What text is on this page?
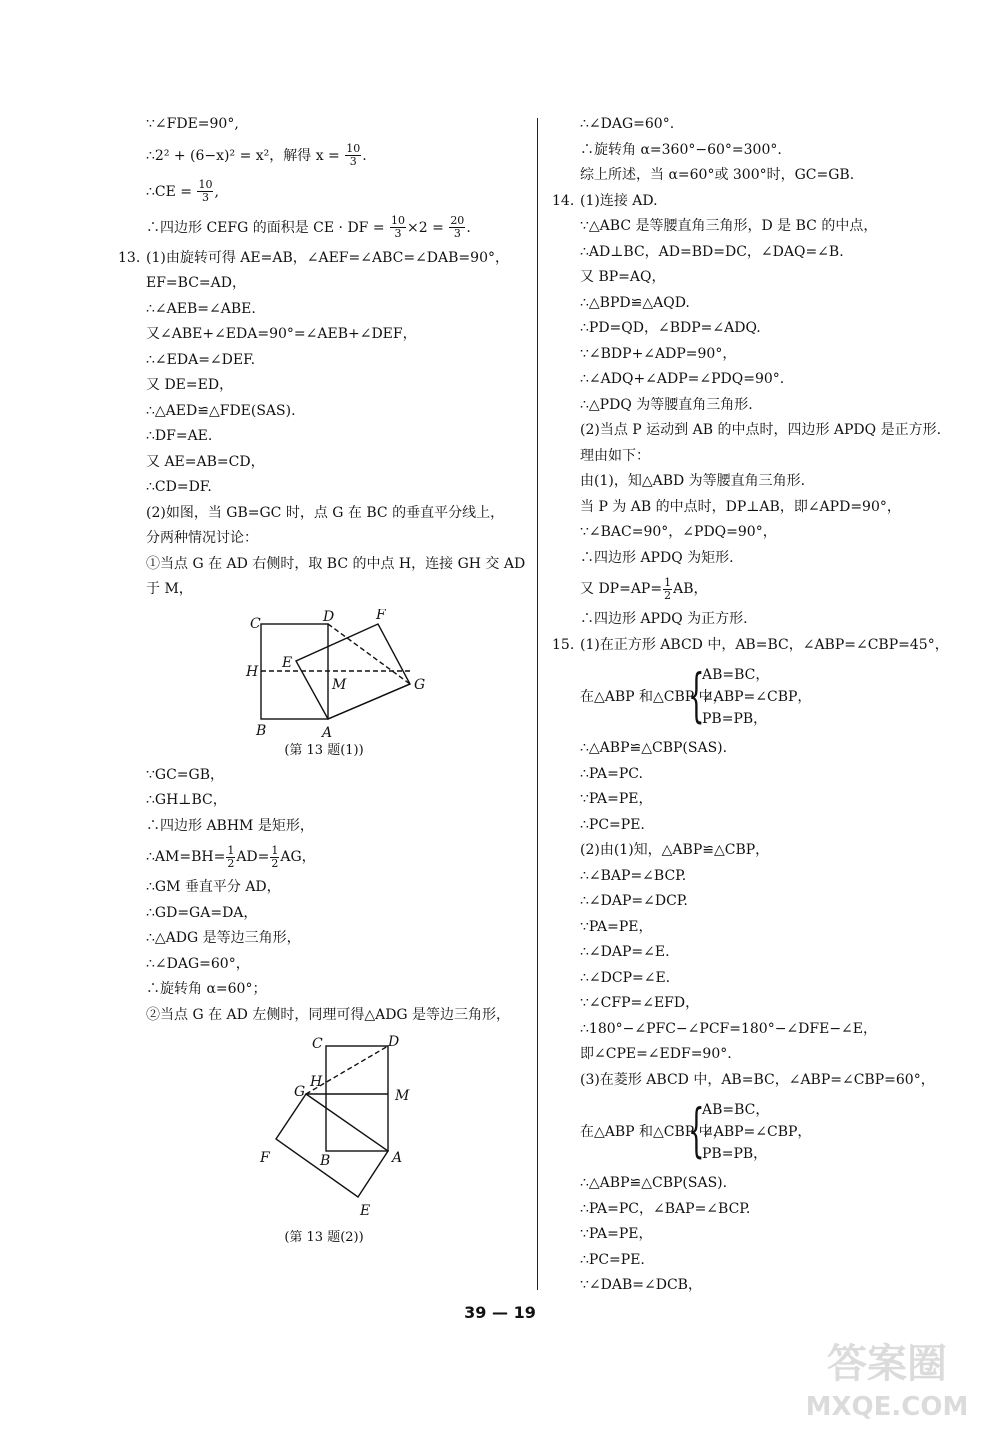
∵∠FDE=90°,
∴2² + (6−x)² = x²，解得 $x = \frac{10}{3}$ .
∴CE = $\frac{10}{3}$ ,
∴四边形 CEFG 的面积是 CE · DF = $\frac{10}{3} \times 2 = \frac{20}{3}$ .
13. (1)由旋转可得 AE=AB，∠AEF=∠ABC=∠DAB=90°，
EF=BC=AD，
∴∠AEB=∠ABE.
又∠ABE+∠EDA=90°=∠AEB+∠DEF，
∴∠EDA=∠DEF.
又 DE=ED，
∴△AED≌△FDE(SAS).
∴DF=AE.
又 AE=AB=CD，
∴CD=DF.
(2)如图，当 GB=GC 时，点 G 在 BC 的垂直平分线上，
分两种情况讨论：
①当点 G 在 AD 右侧时，取 BC 的中点 H，连接 GH 交 AD
于 M，
C	D	F
E
H
M	G
B	A
(第 13 题(1))
∵GC=GB，
∴GH⊥BC，
∴四边形 ABHM 是矩形，
∴AM=BH= $\frac{1}{2} AD= \frac{1}{2}$ AG，
∴GM 垂直平分 AD，
∴GD=GA=DA，
∴△ADG 是等边三角形，
∴∠DAG=60°，
∴旋转角 α=60°；
②当点 G 在 AD 左侧时，同理可得△ADG 是等边三角形，
C	D
H
G	M
F	B	A
E
(第 13 题(2))
∴∠DAG=60°.
∴旋转角 α=360°−60°=300°.
综上所述，当 α=60°或 300°时，GC=GB.
14. (1)连接 AD.
∵△ABC 是等腰直角三角形，D 是 BC 的中点，
∴AD⊥BC，AD=BD=DC，∠DAQ=∠B.
又 BP=AQ，
∴△BPD≌△AQD.
∴PD=QD，∠BDP=∠ADQ.
∵∠BDP+∠ADP=90°，
∴∠ADQ+∠ADP=∠PDQ=90°.
∴△PDQ 为等腰直角三角形.
(2)当点 P 运动到 AB 的中点时，四边形 APDQ 是正方形.
理由如下：
由(1)，知△ABD 为等腰直角三角形.
当 P 为 AB 的中点时，DP⊥AB，即∠APD=90°，
∵∠BAC=90°，∠PDQ=90°，
∴四边形 APDQ 为矩形.
又 $DP=AP= \frac{1}{2}$ AB，
∴四边形 APDQ 为正方形.
15. (1)在正方形 ABCD 中，AB=BC，∠ABP=∠CBP=45°，
在△ABP 和△CBP 中，
{
AB=BC，
∠ABP=∠CBP，
PB=PB，
∴△ABP≌△CBP(SAS).
∴PA=PC.
∵PA=PE，
∴PC=PE.
(2)由(1)知，△ABP≌△CBP，
∴∠BAP=∠BCP.
∴∠DAP=∠DCP.
∵PA=PE，
∴∠DAP=∠E.
∴∠DCP=∠E.
∵∠CFP=∠EFD，
∴180°−∠PFC−∠PCF=180°−∠DFE−∠E，
即∠CPE=∠EDF=90°.
(3)在菱形 ABCD 中，AB=BC，∠ABP=∠CBP=60°，
在△ABP 和△CBP 中，
{
AB=BC，
∠ABP=∠CBP，
PB=PB，
∴△ABP≌△CBP(SAS).
∴PA=PC，∠BAP=∠BCP.
∵PA=PE，
∴PC=PE.
∵∠DAB=∠DCB，
39 — 19
答案圈
MXQE.COM
